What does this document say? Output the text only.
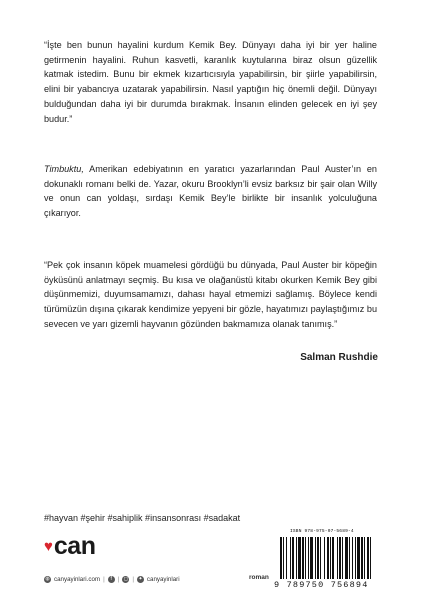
“İşte ben bunun hayalini kurdum Kemik Bey. Dünyayı daha iyi bir yer haline getirmenin hayalini. Ruhun kasvetli, karanlık kuytularına biraz olsun güzellik katmak istedim. Bunu bir ekmek kızartıcısıyla yapabilirsin, bir şiirle yapabilirsin, elini bir yabancıya uzatarak yapabilirsin. Nasıl yaptığın hiç önemli değil. Dünyayı bulduğundan daha iyi bir durumda bırakmak. İnsanın elinden gelecek en iyi şey budur.”

Timbuktu, Amerikan edebiyatının en yaratıcı yazarlarından Paul Auster’ın en dokunaklı romanı belki de. Yazar, okuru Brooklyn’li evsiz barksız bir şair olan Willy ve onun can yoldaşı, sırdaşı Kemik Bey’le birlikte bir insanlık yolculuğuna çıkarıyor.

“Pek çok insanın köpek muamelesi gördüğü bu dünyada, Paul Auster bir köpeğin öyküsünü anlatmayı seçmiş. Bu kısa ve olağanüstü kitabı okurken Kemik Bey gibi düşünmemizi, duyumsamamızı, dahası hayal etmemizi sağlamış. Böylece kendi türümüzün dışına çıkarak kendimize yepyeni bir gözle, hayatımızı paylaştığımız bu sevecen ve yarı gizemli hayvanın gözünden bakmamıza olanak tanımış.”

Salman Rushdie

#hayvan #şehir #sahiplik #insansonrası #sadakat

♥ can
◍ canyayinlari.com |	f | ◻ | ✦ canyayinlari	roman
ISBN 978-975-07-5689-4
9 789750 756894
